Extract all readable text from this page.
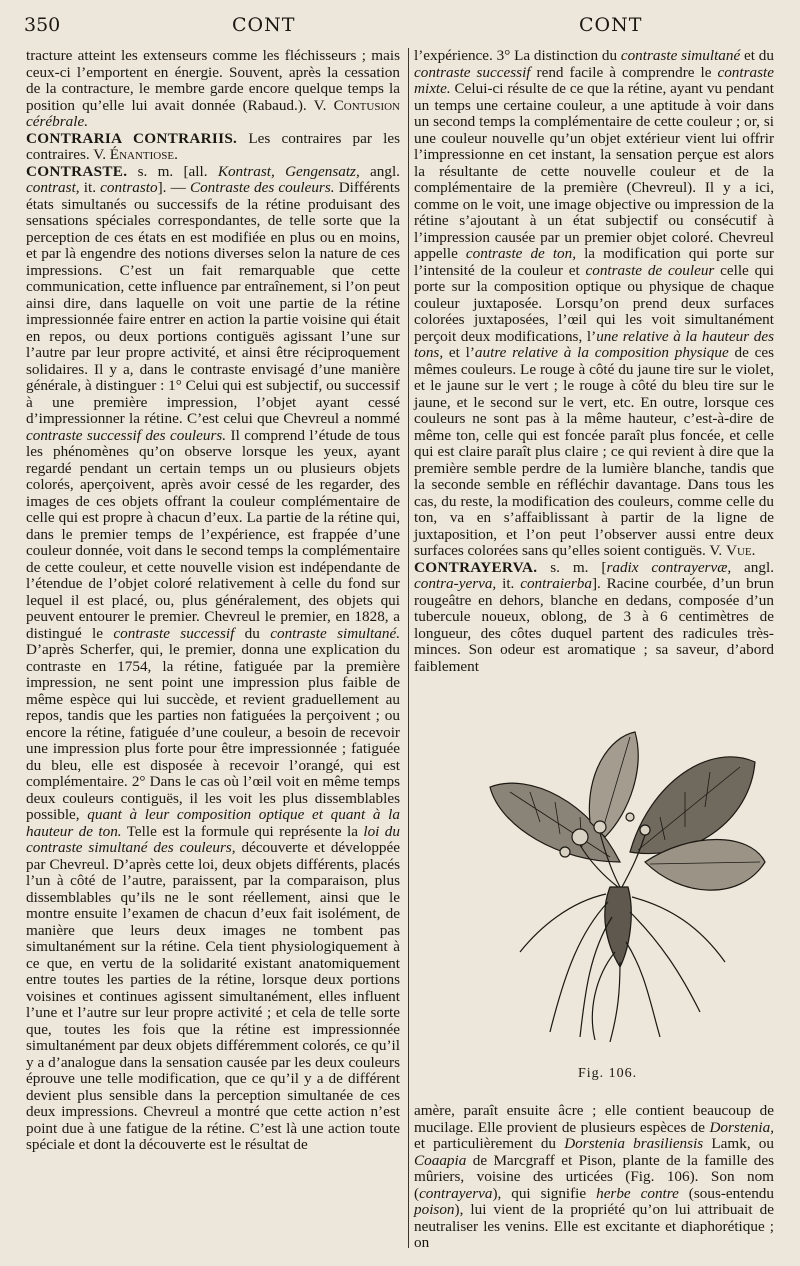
350	CONT	CONT

tracture atteint les extenseurs comme les fléchisseurs ; mais ceux-ci l’emportent en énergie. Souvent, après la cessation de la contracture, le membre garde encore quelque temps la position qu’elle lui avait donnée (Rabaud.). V. Contusion cérébrale.

CONTRARIA CONTRARIIS. Les contraires par les contraires. V. Énantiose.

CONTRASTE. s. m. [all. Kontrast, Gengensatz, angl. contrast, it. contrasto]. — Contraste des couleurs. Différents états simultanés ou successifs de la rétine produisant des sensations spéciales correspondantes, de telle sorte que la perception de ces états en est modifiée en plus ou en moins, et par là engendre des notions diverses selon la nature de ces impressions. C’est un fait remarquable que cette communication, cette influence par entraînement, si l’on peut ainsi dire, dans laquelle on voit une partie de la rétine impressionnée faire entrer en action la partie voisine qui était en repos, ou deux portions contiguës agissant l’une sur l’autre par leur propre activité, et ainsi être réciproquement solidaires. Il y a, dans le contraste envisagé d’une manière générale, à distinguer : 1° Celui qui est subjectif, ou successif à une première impression, l’objet ayant cessé d’impressionner la rétine. C’est celui que Chevreul a nommé contraste successif des couleurs. Il comprend l’étude de tous les phénomènes qu’on observe lorsque les yeux, ayant regardé pendant un certain temps un ou plusieurs objets colorés, aperçoivent, après avoir cessé de les regarder, des images de ces objets offrant la couleur complémentaire de celle qui est propre à chacun d’eux. La partie de la rétine qui, dans le premier temps de l’expérience, est frappée d’une couleur donnée, voit dans le second temps la complémentaire de cette couleur, et cette nouvelle vision est indépendante de l’étendue de l’objet coloré relativement à celle du fond sur lequel il est placé, ou, plus généralement, des objets qui peuvent entourer le premier. Chevreul le premier, en 1828, a distingué le contraste successif du contraste simultané. D’après Scherfer, qui, le premier, donna une explication du contraste en 1754, la rétine, fatiguée par la première impression, ne sent point une impression plus faible de même espèce qui lui succède, et revient graduellement au repos, tandis que les parties non fatiguées la perçoivent ; ou encore la rétine, fatiguée d’une couleur, a besoin de recevoir une impression plus forte pour être impressionnée ; fatiguée du bleu, elle est disposée à recevoir l’orangé, qui est complémentaire. 2° Dans le cas où l’œil voit en même temps deux couleurs contiguës, il les voit les plus dissemblables possible, quant à leur composition optique et quant à la hauteur de ton. Telle est la formule qui représente la loi du contraste simultané des couleurs, découverte et développée par Chevreul. D’après cette loi, deux objets différents, placés l’un à côté de l’autre, paraissent, par la comparaison, plus dissemblables qu’ils ne le sont réellement, ainsi que le montre ensuite l’examen de chacun d’eux fait isolément, de manière que leurs deux images ne tombent pas simultanément sur la rétine. Cela tient physiologiquement à ce que, en vertu de la solidarité existant anatomiquement entre toutes les parties de la rétine, lorsque deux portions voisines et continues agissent simultanément, elles influent l’une et l’autre sur leur propre activité ; et cela de telle sorte que, toutes les fois que la rétine est impressionnée simultanément par deux objets différemment colorés, ce qu’il y a d’analogue dans la sensation causée par les deux couleurs éprouve une telle modification, que ce qu’il y a de différent devient plus sensible dans la perception simultanée de ces deux impressions. Chevreul a montré que cette action n’est point due à une fatigue de la rétine. C’est là une action toute spéciale et dont la découverte est le résultat de

l’expérience. 3° La distinction du contraste simultané et du contraste successif rend facile à comprendre le contraste mixte. Celui-ci résulte de ce que la rétine, ayant vu pendant un temps une certaine couleur, a une aptitude à voir dans un second temps la complémentaire de cette couleur ; or, si une couleur nouvelle qu’un objet extérieur vient lui offrir l’impressionne en cet instant, la sensation perçue est alors la résultante de cette nouvelle couleur et de la complémentaire de la première (Chevreul). Il y a ici, comme on le voit, une image objective ou impression de la rétine s’ajoutant à un état subjectif ou consécutif à l’impression causée par un premier objet coloré. Chevreul appelle contraste de ton, la modification qui porte sur l’intensité de la couleur et contraste de couleur celle qui porte sur la composition optique ou physique de chaque couleur juxtaposée. Lorsqu’on prend deux surfaces colorées juxtaposées, l’œil qui les voit simultanément perçoit deux modifications, l’une relative à la hauteur des tons, et l’autre relative à la composition physique de ces mêmes couleurs. Le rouge à côté du jaune tire sur le violet, et le jaune sur le vert ; le rouge à côté du bleu tire sur le jaune, et le second sur le vert, etc. En outre, lorsque ces couleurs ne sont pas à la même hauteur, c’est-à-dire de même ton, celle qui est foncée paraît plus foncée, et celle qui est claire paraît plus claire ; ce qui revient à dire que la première semble perdre de la lumière blanche, tandis que la seconde semble en réfléchir davantage. Dans tous les cas, du reste, la modification des couleurs, comme celle du ton, va en s’affaiblissant à partir de la ligne de juxtaposition, et l’on peut l’observer aussi entre deux surfaces colorées sans qu’elles soient contiguës. V. Vue.

CONTRAYERVA. s. m. [radix contrayervæ, angl. contra-yerva, it. contraierba]. Racine courbée, d’un brun rougeâtre en dehors, blanche en dedans, composée d’un tubercule noueux, oblong, de 3 à 6 centimètres de longueur, des côtes duquel partent des radicules très-minces. Son odeur est aromatique ; sa saveur, d’abord faiblement

Fig. 106.

amère, paraît ensuite âcre ; elle contient beaucoup de mucilage. Elle provient de plusieurs espèces de Dorstenia, et particulièrement du Dorstenia brasiliensis Lamk, ou Coaapia de Marcgraff et Pison, plante de la famille des mûriers, voisine des urticées (Fig. 106). Son nom (contrayerva), qui signifie herbe contre (sous-entendu poison), lui vient de la propriété qu’on lui attribuait de neutraliser les venins. Elle est excitante et diaphorétique ; on
